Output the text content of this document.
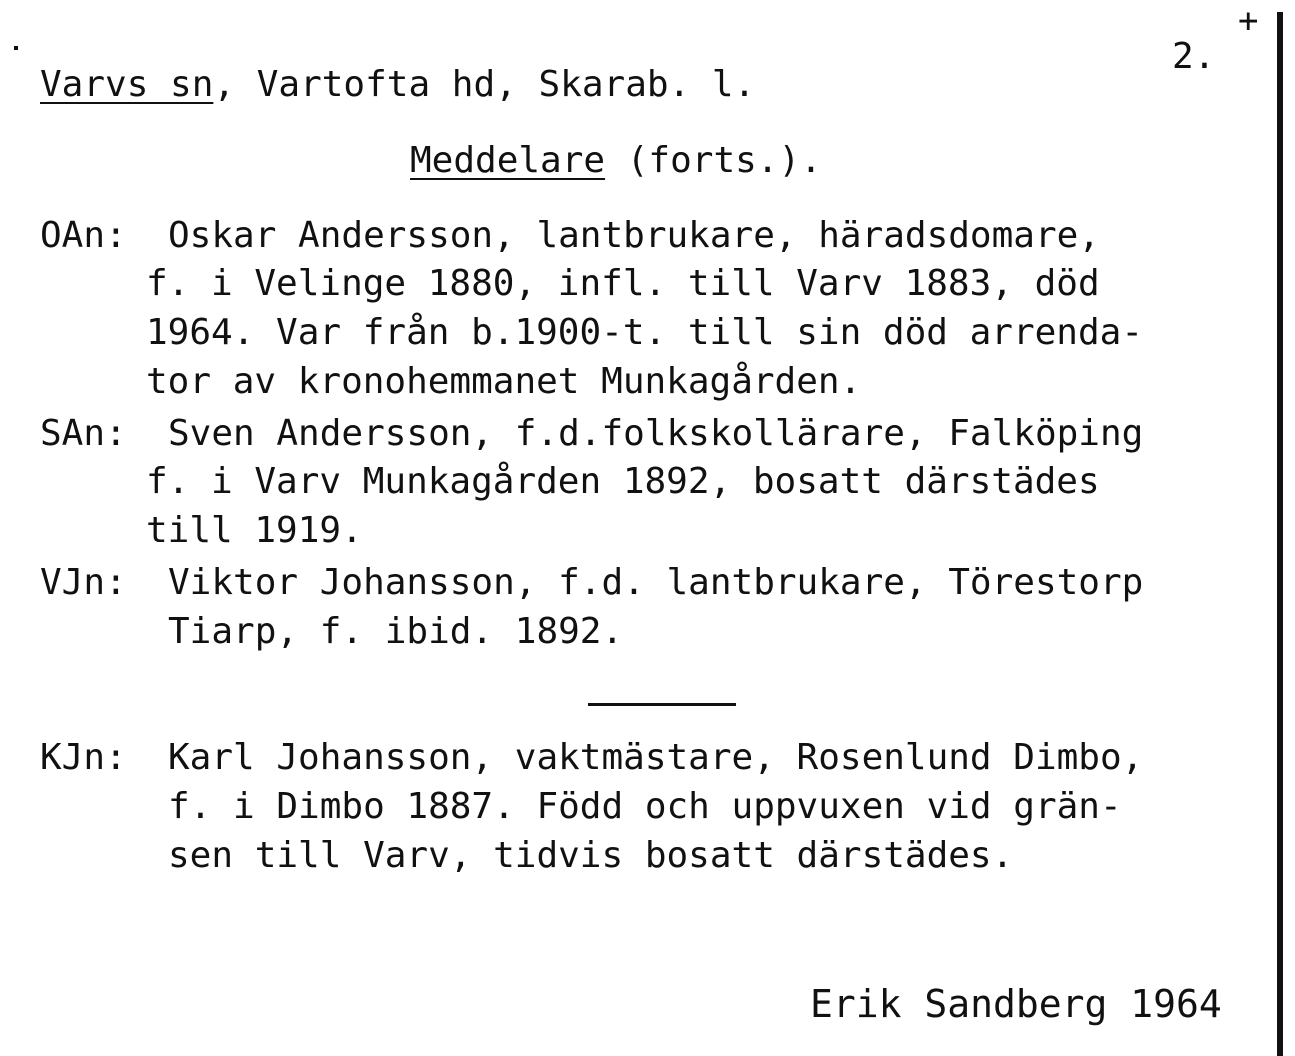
+
2.
Varvs sn, Vartofta hd, Skarab. l.
Meddelare (forts.).
OAn: Oskar Andersson, lantbrukare, häradsdomare,
f. i Velinge 1880, infl. till Varv 1883, död
1964. Var från b.1900-t. till sin död arrenda-
tor av kronohemmanet Munkagården.
SAn: Sven Andersson, f.d.folkskollärare, Falköping
f. i Varv Munkagården 1892, bosatt därstädes
till 1919.
VJn: Viktor Johansson, f.d. lantbrukare, Törestorp
Tiarp, f. ibid. 1892.
KJn: Karl Johansson, vaktmästare, Rosenlund Dimbo,
f. i Dimbo 1887. Född och uppvuxen vid grän-
sen till Varv, tidvis bosatt därstädes.
Erik Sandberg 1964
